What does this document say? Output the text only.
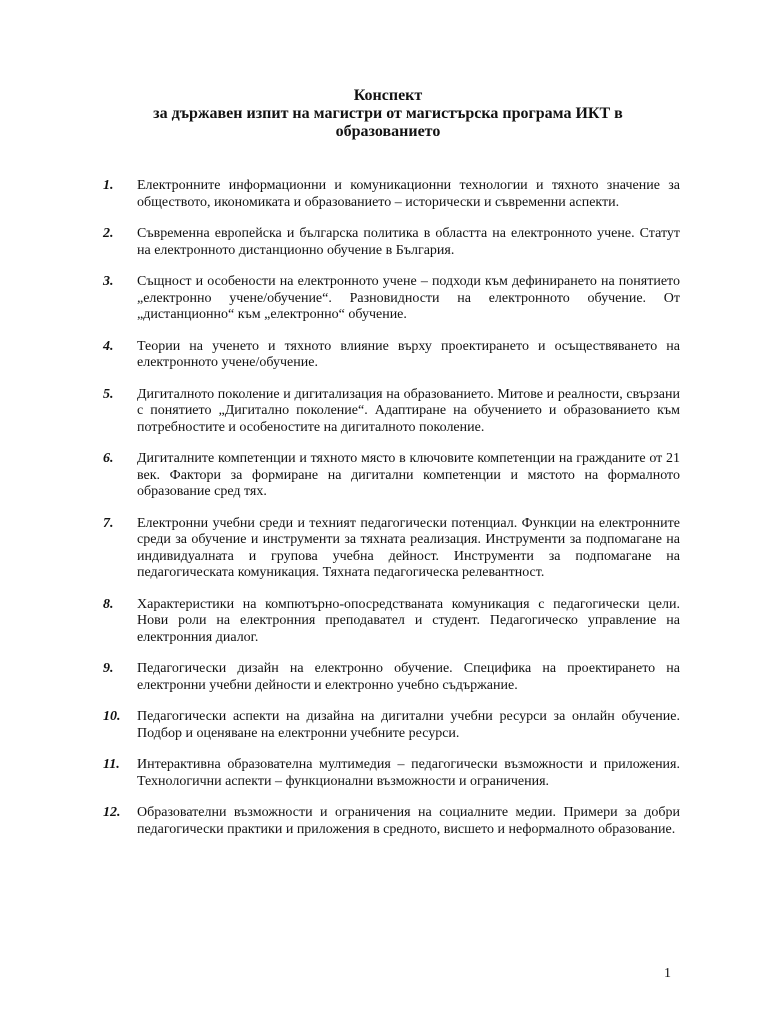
Конспект
за държавен изпит на магистри от магистърска програма ИКТ в
образованието
1.	Електронните информационни и комуникационни технологии и тяхното значение за обществото, икономиката и образованието – исторически и съвременни аспекти.
2.	Съвременна европейска и българска политика в областта на електронното учене. Статут на електронното дистанционно обучение в България.
3.	Същност и особености на електронното учене – подходи към дефинирането на понятието „електронно учене/обучение“. Разновидности на електронното обучение. От „дистанционно“ към „електронно“ обучение.
4.	Теории на ученето и тяхното влияние върху проектирането и осъществяването на електронното учене/обучение.
5.	Дигиталното поколение и дигитализация на образованието. Митове и реалности, свързани с понятието „Дигитално поколение“. Адаптиране на обучението и образованието към потребностите и особеностите на дигиталното поколение.
6.	Дигиталните компетенции и тяхното място в ключовите компетенции на гражданите от 21 век. Фактори за формиране на дигитални компетенции и мястото на формалното образование сред тях.
7.	Електронни учебни среди и техният педагогически потенциал. Функции на електронните среди за обучение и инструменти за тяхната реализация. Инструменти за подпомагане на индивидуалната и групова учебна дейност. Инструменти за подпомагане на педагогическата комуникация. Тяхната педагогическа релевантност.
8.	Характеристики на компютърно-опосредстваната комуникация с педагогически цели. Нови роли на електронния преподавател и студент. Педагогическо управление на електронния диалог.
9.	Педагогически дизайн на електронно обучение. Специфика на проектирането на електронни учебни дейности и електронно учебно съдържание.
10.	Педагогически аспекти на дизайна на дигитални учебни ресурси за онлайн обучение. Подбор и оценяване на електронни учебните ресурси.
11.	Интерактивна образователна мултимедия – педагогически възможности и приложения. Технологични аспекти – функционални възможности и ограничения.
12.	Образователни възможности и ограничения на социалните медии. Примери за добри педагогически практики и приложения в средното, висшето и неформалното образование.
1
